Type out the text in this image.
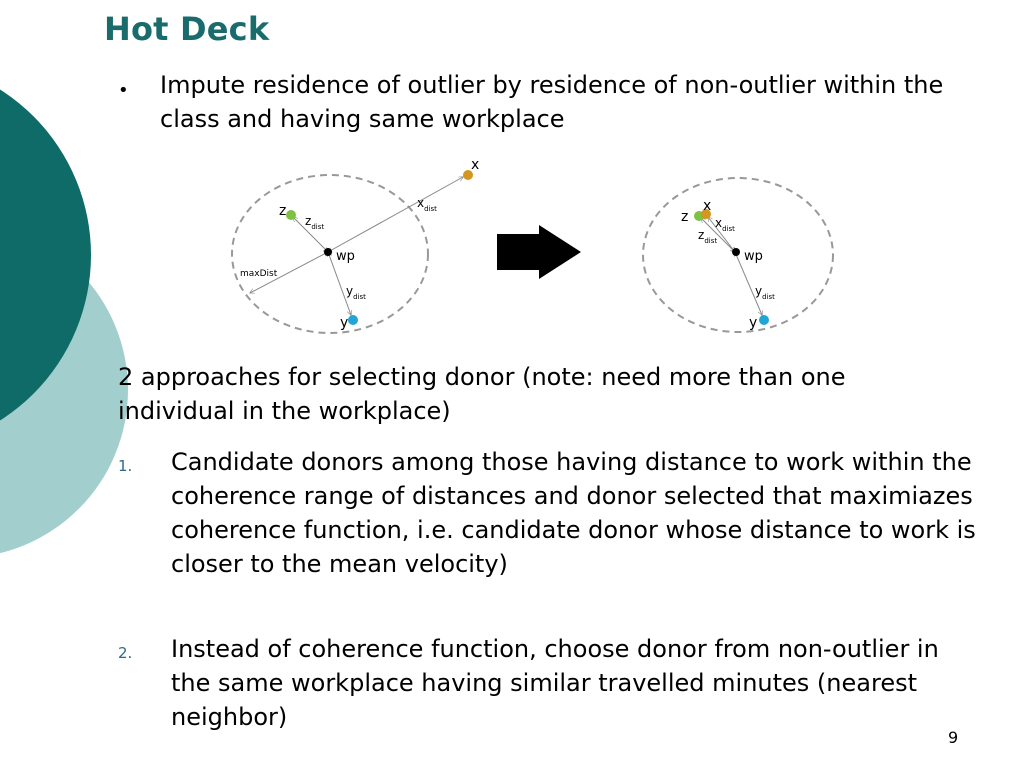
Hot Deck
• Impute residence of outlier by residence of non-outlier within the class and having same workplace
x
$x_{dist}$
z
$z_{dist}$
wp
maxDist
$y_{dist}$
y
x
z $x_{dist}$
$z_{dist}$
wp
$y_{dist}$
y
2 approaches for selecting donor (note: need more than one individual in the workplace)
1. Candidate donors among those having distance to work within the coherence range of distances and donor selected that maximiazes coherence function, i.e. candidate donor whose distance to work is closer to the mean velocity)
2. Instead of coherence function, choose donor from non-outlier in the same workplace having similar travelled minutes (nearest neighbor)
9
